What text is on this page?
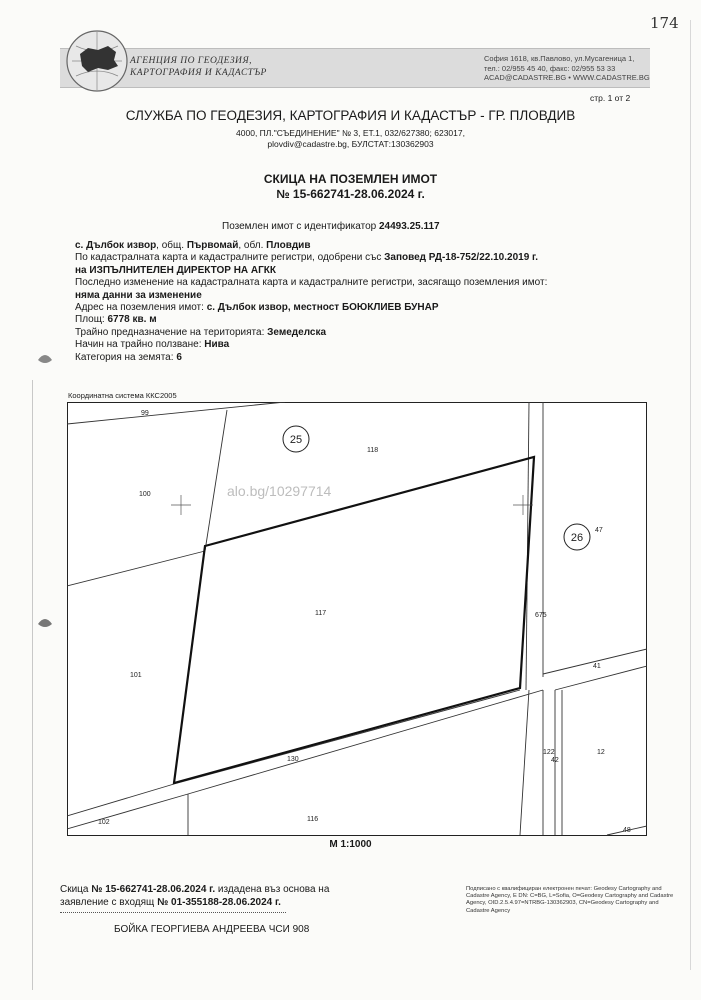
174
АГЕНЦИЯ ПО ГЕОДЕЗИЯ,
КАРТОГРАФИЯ И КАДАСТЪР
София 1618, кв.Павлово, ул.Мусагеница 1,
тел.: 02/955 45 40, факс: 02/955 53 33
ACAD@CADASTRE.BG • WWW.CADASTRE.BG
стр. 1 от 2
СЛУЖБА ПО ГЕОДЕЗИЯ, КАРТОГРАФИЯ И КАДАСТЪР - ГР. ПЛОВДИВ
4000, ПЛ."СЪЕДИНЕНИЕ" № 3, ЕТ.1, 032/627380; 623017,
plovdiv@cadastre.bg, БУЛСТАТ:130362903
СКИЦА НА ПОЗЕМЛЕН ИМОТ
№ 15-662741-28.06.2024 г.
Поземлен имот с идентификатор 24493.25.117
с. Дълбок извор, общ. Първомай, обл. Пловдив
По кадастралната карта и кадастралните регистри, одобрени със Заповед РД-18-752/22.10.2019 г.
на ИЗПЪЛНИТЕЛЕН ДИРЕКТОР НА АГКК
Последно изменение на кадастралната карта и кадастралните регистри, засягащо поземления имот:
няма данни за изменение
Адрес на поземления имот: с. Дълбок извор, местност БОЮКЛИЕВ БУНАР
Площ: 6778 кв. м
Трайно предназначение на територията: Земеделска
Начин на трайно ползване: Нива
Категория на земята: 6
Координатна система ККС2005
25
26
99
118
100
117
101
130
102	116
675
47
41
122
42
12
48
alo.bg/10297714
М 1:1000
Скица № 15-662741-28.06.2024 г. издадена въз основа на
заявление с входящ № 01-355188-28.06.2024 г.
БОЙКА ГЕОРГИЕВА АНДРЕЕВА ЧСИ 908
Подписано с квалифициран електронен печат: Geodesy Cartography and Cadastre Agency, E DN: C=BG, L=Sofia, O=Geodesy Cartography and Cadastre Agency, OID.2.5.4.97=NTRBG-130362903, CN=Geodesy Cartography and Cadastre Agency
